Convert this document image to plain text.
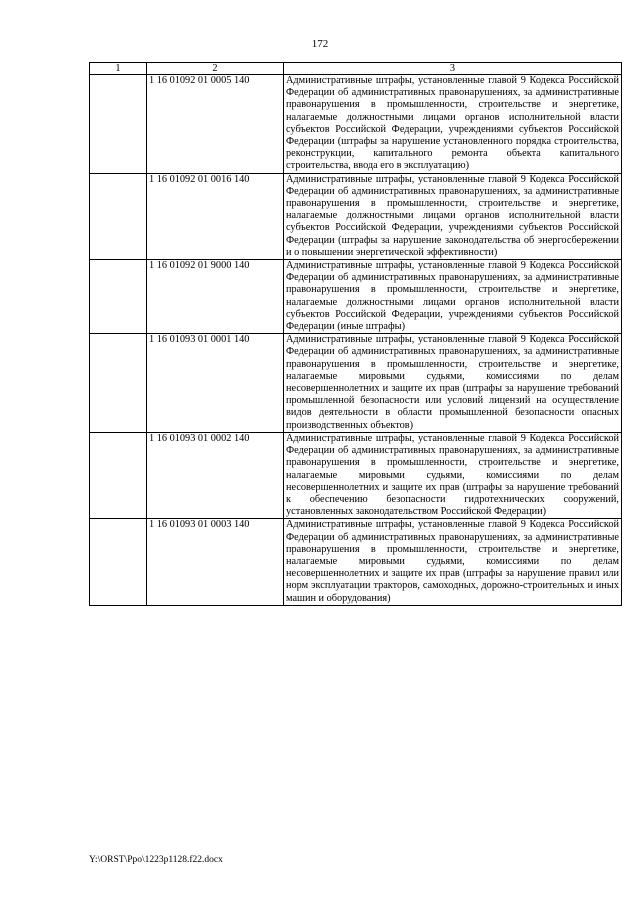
172
1	2	3
	1 16 01092 01 0005 140	Административные штрафы, установленные главой 9 Кодекса Российской Федерации об административных правонарушениях, за административные правонарушения в промышленности, строительстве и энергетике, налагаемые должностными лицами органов исполнительной власти субъектов Российской Федерации, учреждениями субъектов Российской Федерации (штрафы за нарушение установленного порядка строительства, реконструкции, капитального ремонта объекта капитального строительства, ввода его в эксплуатацию)
	1 16 01092 01 0016 140	Административные штрафы, установленные главой 9 Кодекса Российской Федерации об административных правонарушениях, за административные правонарушения в промышленности, строительстве и энергетике, налагаемые должностными лицами органов исполнительной власти субъектов Российской Федерации, учреждениями субъектов Российской Федерации (штрафы за нарушение законодательства об энергосбережении и о повышении энергетической эффективности)
	1 16 01092 01 9000 140	Административные штрафы, установленные главой 9 Кодекса Российской Федерации об административных правонарушениях, за административные правонарушения в промышленности, строительстве и энергетике, налагаемые должностными лицами органов исполнительной власти субъектов Российской Федерации, учреждениями субъектов Российской Федерации (иные штрафы)
	1 16 01093 01 0001 140	Административные штрафы, установленные главой 9 Кодекса Российской Федерации об административных правонарушениях, за административные правонарушения в промышленности, строительстве и энергетике, налагаемые мировыми судьями, комиссиями по делам несовершеннолетних и защите их прав (штрафы за нарушение требований промышленной безопасности или условий лицензий на осуществление видов деятельности в области промышленной безопасности опасных производственных объектов)
	1 16 01093 01 0002 140	Административные штрафы, установленные главой 9 Кодекса Российской Федерации об административных правонарушениях, за административные правонарушения в промышленности, строительстве и энергетике, налагаемые мировыми судьями, комиссиями по делам несовершеннолетних и защите их прав (штрафы за нарушение требований к обеспечению безопасности гидротехнических сооружений, установленных законодательством Российской Федерации)
	1 16 01093 01 0003 140	Административные штрафы, установленные главой 9 Кодекса Российской Федерации об административных правонарушениях, за административные правонарушения в промышленности, строительстве и энергетике, налагаемые мировыми судьями, комиссиями по делам несовершеннолетних и защите их прав (штрафы за нарушение правил или норм эксплуатации тракторов, самоходных, дорожно-строительных и иных машин и оборудования)
Y:\ORST\Ppo\1223p1128.f22.docx
